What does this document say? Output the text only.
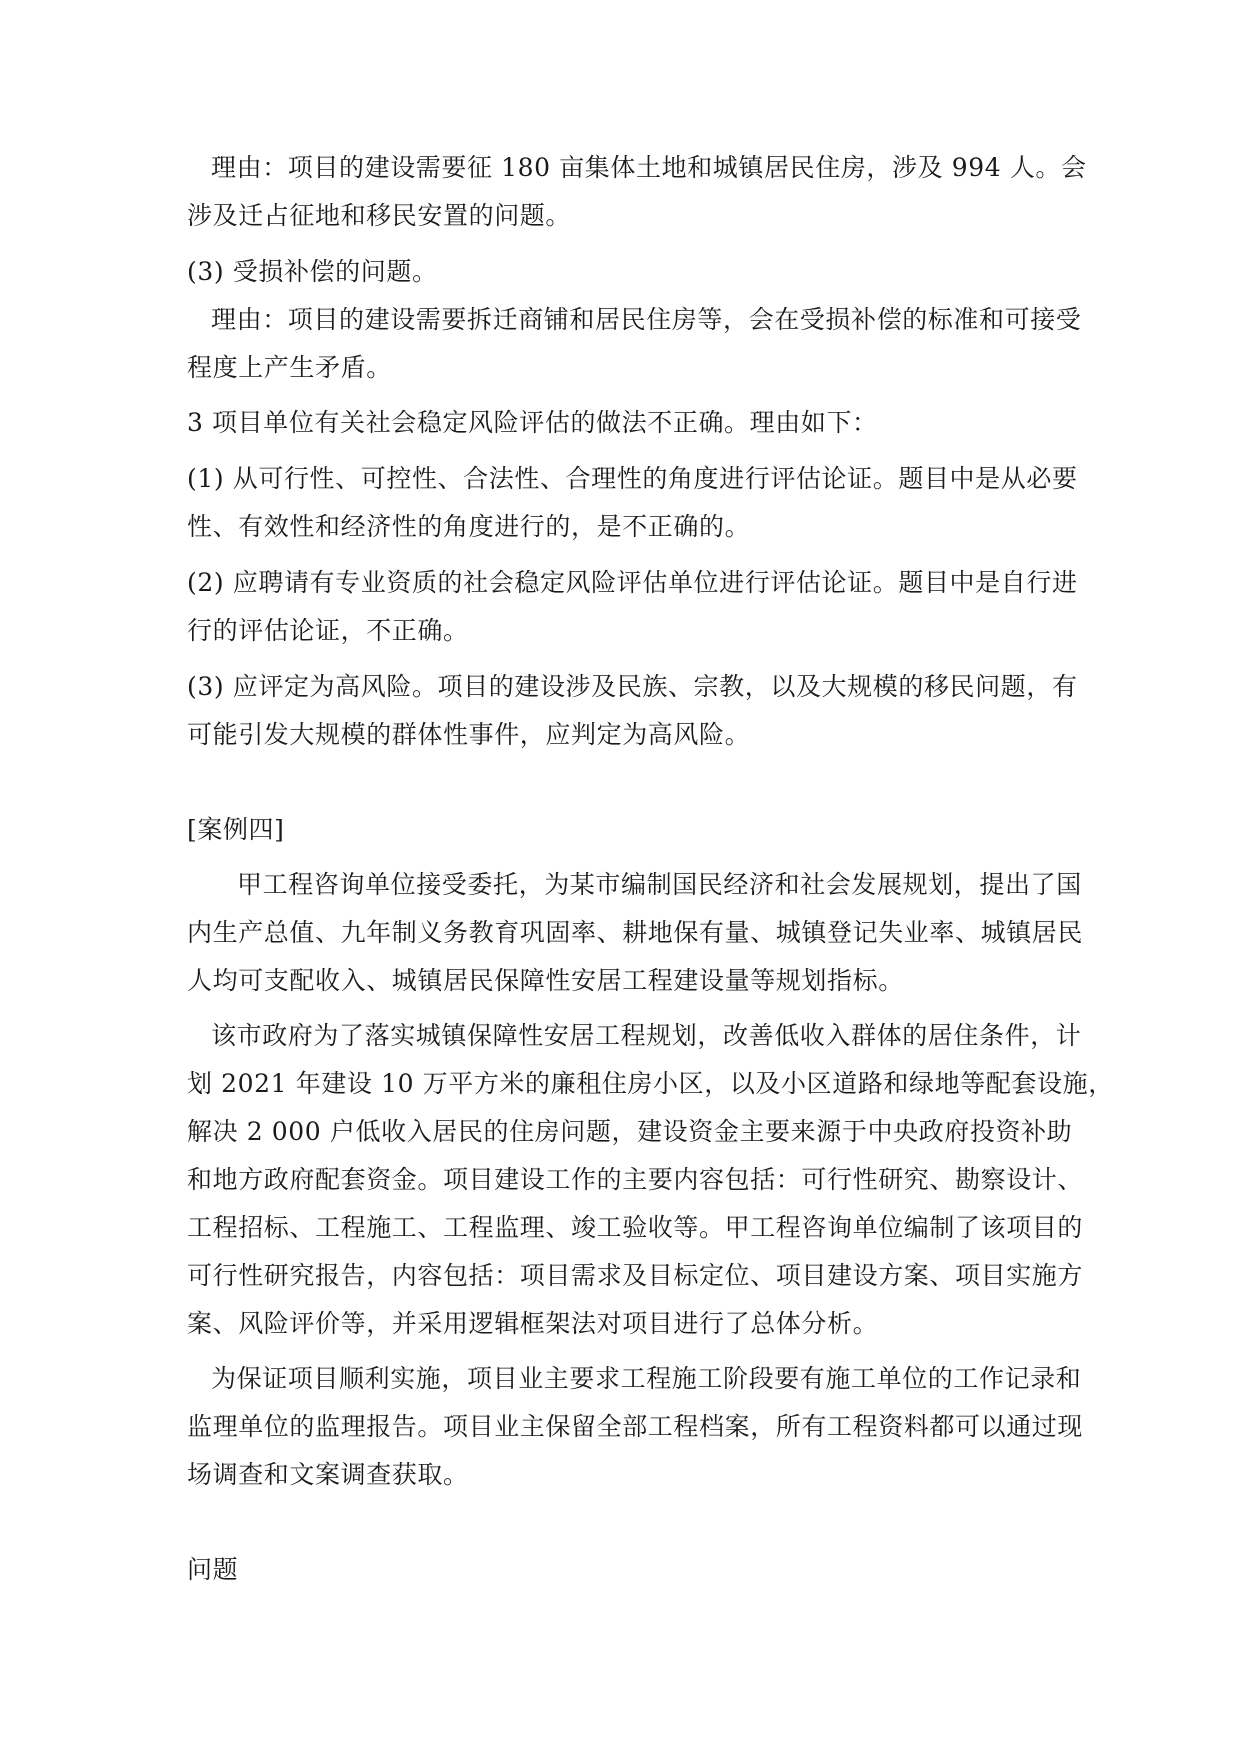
理由：项目的建设需要征 180 亩集体土地和城镇居民住房，涉及 994 人。会
涉及迁占征地和移民安置的问题。
(3) 受损补偿的问题。
理由：项目的建设需要拆迁商铺和居民住房等，会在受损补偿的标准和可接受
程度上产生矛盾。
3 项目单位有关社会稳定风险评估的做法不正确。理由如下：
(1) 从可行性、可控性、合法性、合理性的角度进行评估论证。题目中是从必要
性、有效性和经济性的角度进行的，是不正确的。
(2) 应聘请有专业资质的社会稳定风险评估单位进行评估论证。题目中是自行进
行的评估论证，不正确。
(3) 应评定为高风险。项目的建设涉及民族、宗教，以及大规模的移民问题，有
可能引发大规模的群体性事件，应判定为高风险。
[案例四]
甲工程咨询单位接受委托，为某市编制国民经济和社会发展规划，提出了国
内生产总值、九年制义务教育巩固率、耕地保有量、城镇登记失业率、城镇居民
人均可支配收入、城镇居民保障性安居工程建设量等规划指标。
该市政府为了落实城镇保障性安居工程规划，改善低收入群体的居住条件，计
划 2021 年建设 10 万平方米的廉租住房小区，以及小区道路和绿地等配套设施，
解决 2 000 户低收入居民的住房问题，建设资金主要来源于中央政府投资补助
和地方政府配套资金。项目建设工作的主要内容包括：可行性研究、勘察设计、
工程招标、工程施工、工程监理、竣工验收等。甲工程咨询单位编制了该项目的
可行性研究报告，内容包括：项目需求及目标定位、项目建设方案、项目实施方
案、风险评价等，并采用逻辑框架法对项目进行了总体分析。
为保证项目顺利实施，项目业主要求工程施工阶段要有施工单位的工作记录和
监理单位的监理报告。项目业主保留全部工程档案，所有工程资料都可以通过现
场调查和文案调查获取。
问题
